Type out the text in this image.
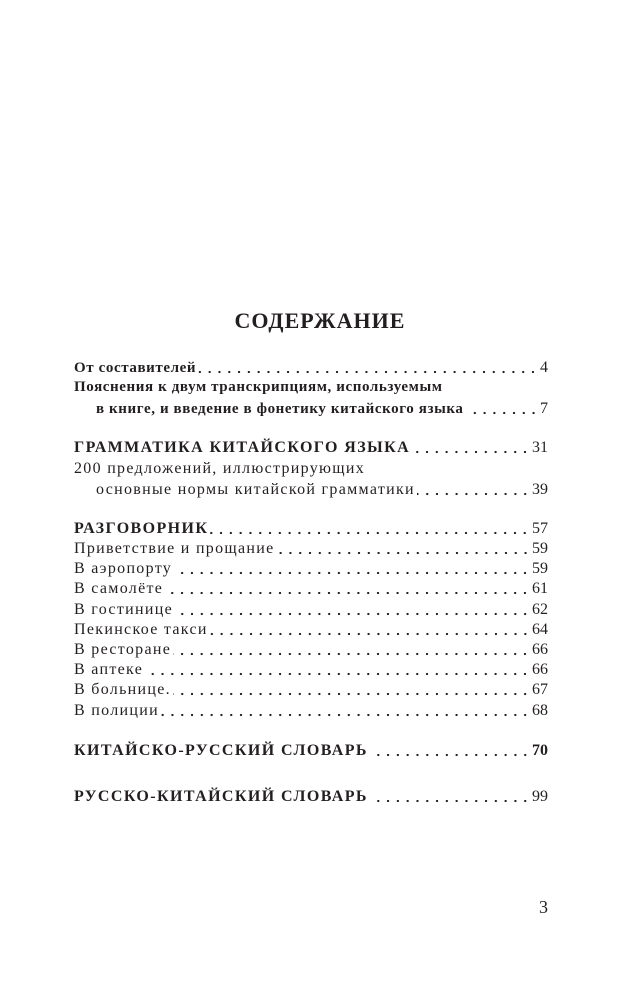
СОДЕРЖАНИЕ
От составителей	4
Пояснения к двум транскрипциям, используемым
в книге, и введение в фонетику китайского языка	7
ГРАММАТИКА КИТАЙСКОГО ЯЗЫКА	31
200 предложений, иллюстрирующих
основные нормы китайской грамматики	39
РАЗГОВОРНИК	57
Приветствие и прощание	59
В аэропорту	59
В самолёте	61
В гостинице	62
Пекинское такси	64
В ресторане	66
В аптеке	66
В больнице.	67
В полиции	68
КИТАЙСКО-РУССКИЙ СЛОВАРЬ	70
РУССКО-КИТАЙСКИЙ СЛОВАРЬ	99
3
